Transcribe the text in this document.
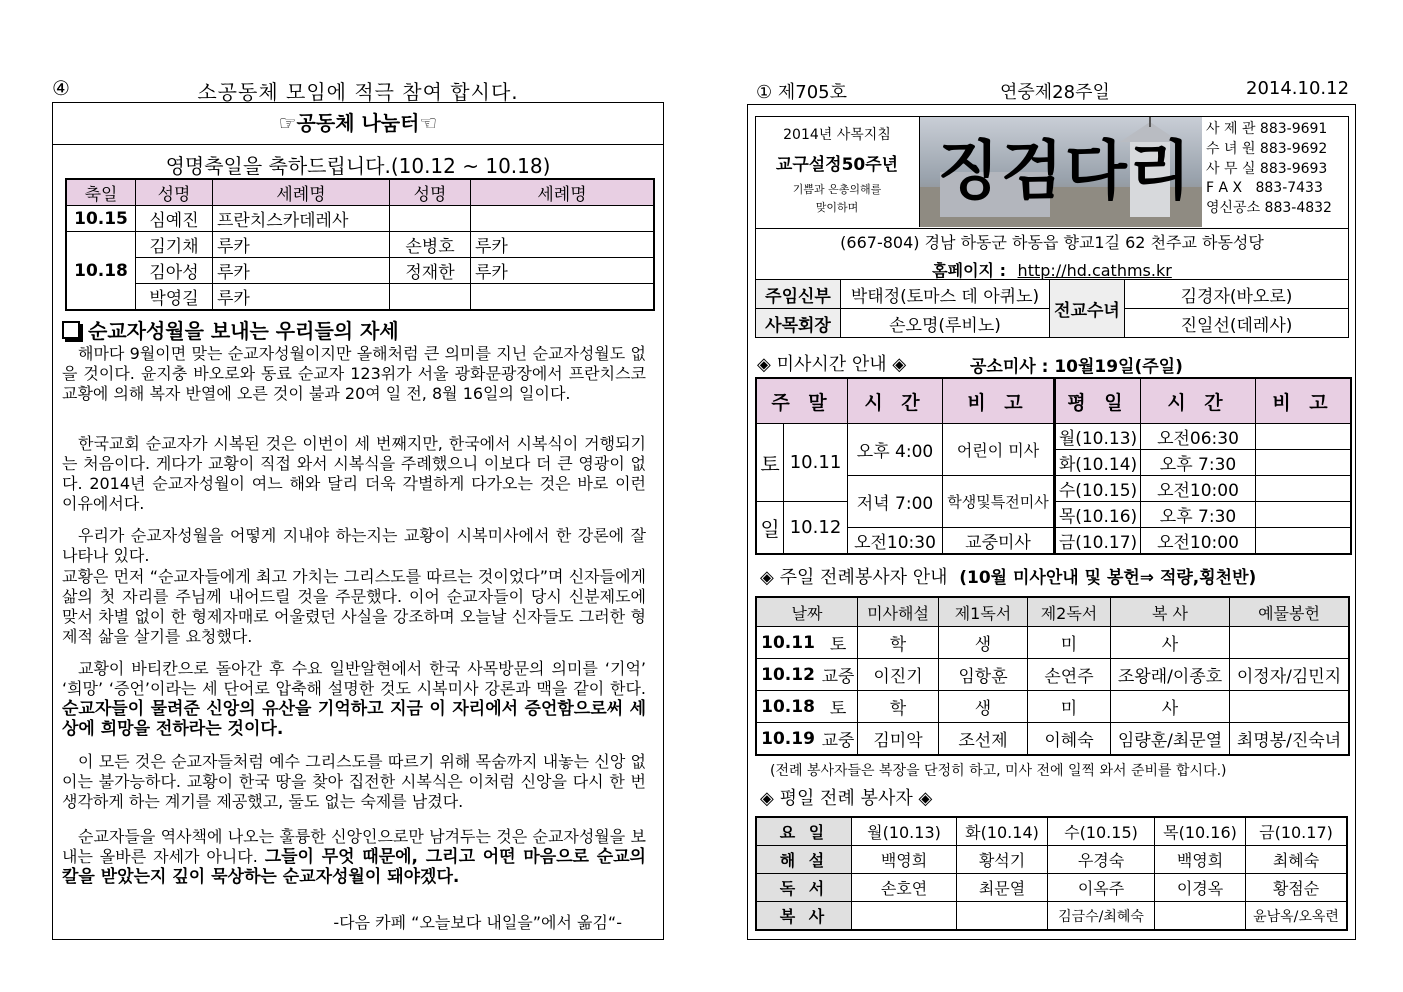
④	소공동체 모임에 적극 참여 합시다.
☞공동체 나눔터☜
영명축일을 축하드립니다.(10.12 ~ 10.18)
축일	성명	세례명	성명	세례명
10.15	심예진	프란치스카데레사		
10.18	김기채	루카	손병호	루카
	김아성	루카	정재한	루카
	박영길	루카		
순교자성월을 보내는 우리들의 자세
해마다 9월이면 맞는 순교자성월이지만 올해처럼 큰 의미를 지닌 순교자성월도 없을 것이다. 윤지충 바오로와 동료 순교자 123위가 서울 광화문광장에서 프란치스코 교황에 의해 복자 반열에 오른 것이 불과 20여 일 전, 8월 16일의 일이다.
한국교회 순교자가 시복된 것은 이번이 세 번째지만, 한국에서 시복식이 거행되기는 처음이다. 게다가 교황이 직접 와서 시복식을 주례했으니 이보다 더 큰 영광이 없다. 2014년 순교자성월이 여느 해와 달리 더욱 각별하게 다가오는 것은 바로 이런 이유에서다.
우리가 순교자성월을 어떻게 지내야 하는지는 교황이 시복미사에서 한 강론에 잘 나타나 있다.
교황은 먼저 “순교자들에게 최고 가치는 그리스도를 따르는 것이었다”며 신자들에게 삶의 첫 자리를 주님께 내어드릴 것을 주문했다. 이어 순교자들이 당시 신분제도에 맞서 차별 없이 한 형제자매로 어울렸던 사실을 강조하며 오늘날 신자들도 그러한 형제적 삶을 살기를 요청했다.
교황이 바티칸으로 돌아간 후 수요 일반알현에서 한국 사목방문의 의미를 ‘기억’ ‘희망’ ‘증언’이라는 세 단어로 압축해 설명한 것도 시복미사 강론과 맥을 같이 한다. 순교자들이 물려준 신앙의 유산을 기억하고 지금 이 자리에서 증언함으로써 세상에 희망을 전하라는 것이다.
이 모든 것은 순교자들처럼 예수 그리스도를 따르기 위해 목숨까지 내놓는 신앙 없이는 불가능하다. 교황이 한국 땅을 찾아 집전한 시복식은 이처럼 신앙을 다시 한 번 생각하게 하는 계기를 제공했고, 둘도 없는 숙제를 남겼다.
순교자들을 역사책에 나오는 훌륭한 신앙인으로만 남겨두는 것은 순교자성월을 보내는 올바른 자세가 아니다. 그들이 무엇 때문에, 그리고 어떤 마음으로 순교의 칼을 받았는지 깊이 묵상하는 순교자성월이 돼야겠다.
-다음 카페 “오늘보다 내일을”에서 옮김“-
① 제705호	연중제28주일	2014.10.12
2014년 사목지침
교구설정50주년
기쁨과 은총의해를
맞이하며	징검다리
사 제 관 883-9691
수 녀 원 883-9692
사 무 실 883-9693
F A X   883-7433
영신공소 883-4832
(667-804) 경남 하동군 하동읍 향교1길 62 천주교 하동성당
홈페이지 : http://hd.cathms.kr
주임신부	박태정(토마스 데 아퀴노)	전교수녀	김경자(바오로)
사목회장	손오명(루비노)		진일선(데레사)
◈ 미사시간 안내 ◈	공소미사 : 10월19일(주일)
주 말		시 간	비 고	평 일	시 간	비 고
토	10.11	오후 4:00	어린이 미사	월(10.13)	오전06:30	
				화(10.14)	오후 7:30	
		저녁 7:00	학생및특전미사	수(10.15)	오전10:00	
일	10.12			목(10.16)	오후 7:30	
		오전10:30	교중미사	금(10.17)	오전10:00	
◈ 주일 전례봉사자 안내 (10월 미사안내 및 봉헌⇒ 적량,횡천반)
날짜		미사해설	제1독서	제2독서	복 사	예물봉헌
10.11	토	학	생	미	사	
10.12	교중	이진기	임항훈	손연주	조왕래/이종호	이정자/김민지
10.18	토	학	생	미	사	
10.19	교중	김미악	조선제	이혜숙	임량훈/최문열	최명봉/진숙녀
(전례 봉사자들은 복장을 단정히 하고, 미사 전에 일찍 와서 준비를 합시다.)
◈ 평일 전례 봉사자 ◈
요 일	월(10.13)	화(10.14)	수(10.15)	목(10.16)	금(10.17)
해 설	백영희	황석기	우경숙	백영희	최혜숙
독 서	손호연	최문열	이옥주	이경옥	황점순
복 사			김금수/최혜숙		윤남옥/오옥련
